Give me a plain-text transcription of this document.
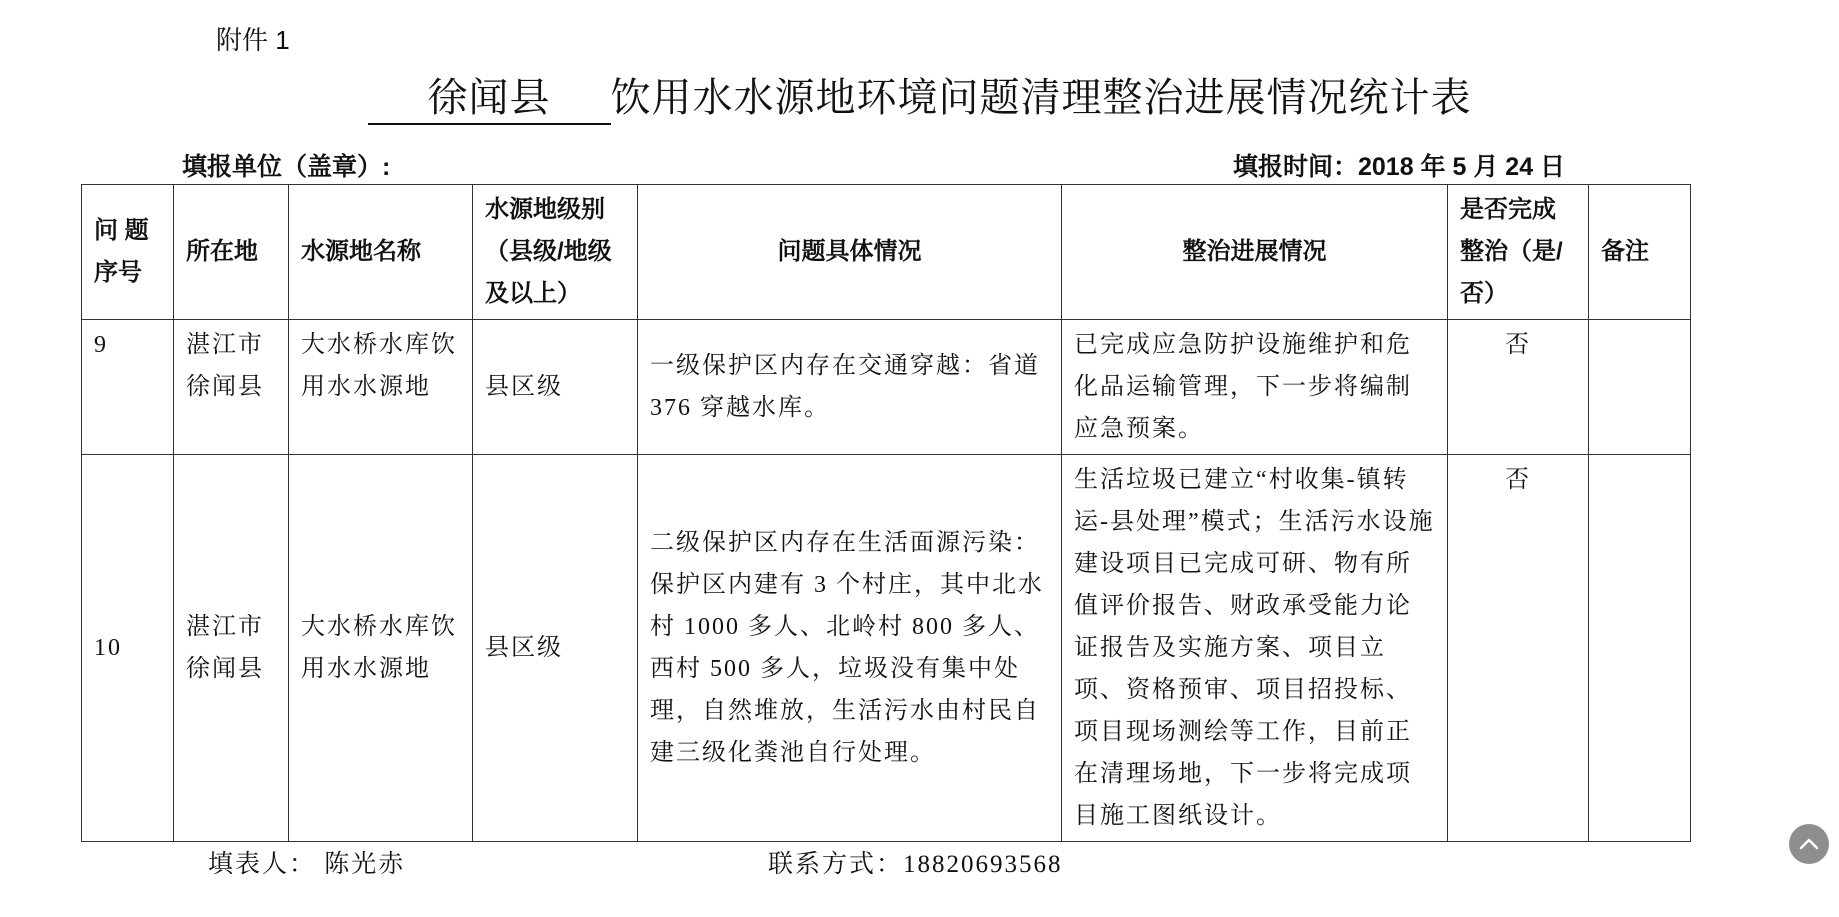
附件 1
徐闻县 饮用水水源地环境问题清理整治进展情况统计表
填报单位（盖章）:	填报时间：2018 年 5 月 24 日
问 题 序号	所在地	水源地名称	水源地级别（县级/地级及以上）	问题具体情况	整治进展情况	是否完成整治（是/否）	备注
9	湛江市徐闻县	大水桥水库饮用水水源地	县区级	一级保护区内存在交通穿越：省道 376 穿越水库。	已完成应急防护设施维护和危化品运输管理，下一步将编制应急预案。	否	
10	湛江市徐闻县	大水桥水库饮用水水源地	县区级	二级保护区内存在生活面源污染：保护区内建有 3 个村庄，其中北水村 1000 多人、北岭村 800 多人、西村 500 多人，垃圾没有集中处理，自然堆放，生活污水由村民自建三级化粪池自行处理。	生活垃圾已建立“村收集-镇转运-县处理”模式；生活污水设施建设项目已完成可研、物有所值评价报告、财政承受能力论证报告及实施方案、项目立项、资格预审、项目招投标、项目现场测绘等工作，目前正在清理场地，下一步将完成项目施工图纸设计。	否	
填表人： 陈光赤	联系方式：18820693568
